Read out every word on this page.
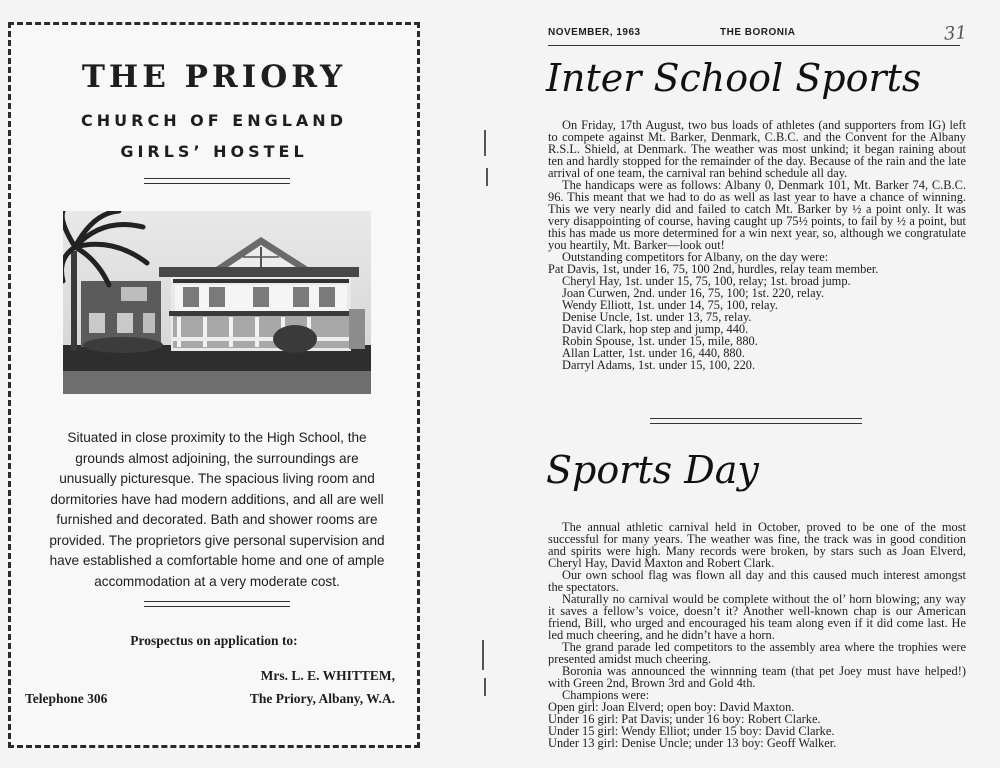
THE PRIORY
CHURCH OF ENGLAND
GIRLS’ HOSTEL

Situated in close proximity to the High School, the grounds almost adjoining, the surroundings are unusually picturesque. The spacious living room and dormitories have had modern additions, and all are well furnished and decorated. Bath and shower rooms are provided. The proprietors give personal supervision and have established a comfortable home and one of ample accommodation at a very moderate cost.

Prospectus on application to:
Mrs. L. E. WHITTEM,
Telephone 306	The Priory, Albany, W.A.
NOVEMBER, 1963	THE BORONIA	31
Inter School Sports

On Friday, 17th August, two bus loads of athletes (and supporters from IG) left to compete against Mt. Barker, Denmark, C.B.C. and the Convent for the Albany R.S.L. Shield, at Denmark. The weather was most unkind; it began raining about ten and hardly stopped for the remainder of the day. Because of the rain and the late arrival of one team, the carnival ran behind schedule all day.

The handicaps were as follows: Albany 0, Denmark 101, Mt. Barker 74, C.B.C. 96. This meant that we had to do as well as last year to have a chance of winning. This we very nearly did and failed to catch Mt. Barker by ½ a point only. It was very disappointing of course, having caught up 75½ points, to fail by ½ a point, but this has made us more determined for a win next year, so, although we congratulate you heartily, Mt. Barker—look out!

Outstanding competitors for Albany, on the day were:

Pat Davis, 1st, under 16, 75, 100 2nd, hurdles, relay team member.

Cheryl Hay, 1st. under 15, 75, 100, relay; 1st. broad jump.

Joan Curwen, 2nd. under 16, 75, 100; 1st. 220, relay.

Wendy Elliott, 1st. under 14, 75, 100, relay.

Denise Uncle, 1st. under 13, 75, relay.

David Clark, hop step and jump, 440.

Robin Spouse, 1st. under 15, mile, 880.

Allan Latter, 1st. under 16, 440, 880.

Darryl Adams, 1st. under 15, 100, 220.

Sports Day

The annual athletic carnival held in October, proved to be one of the most successful for many years. The weather was fine, the track was in good condition and spirits were high. Many records were broken, by stars such as Joan Elverd, Cheryl Hay, David Maxton and Robert Clark.

Our own school flag was flown all day and this caused much interest amongst the spectators.

Naturally no carnival would be complete without the ol’ horn blowing; any way it saves a fellow’s voice, doesn’t it? Another well-known chap is our American friend, Bill, who urged and encouraged his team along even if it did come last. He led much cheering, and he didn’t have a horn.

The grand parade led competitors to the assembly area where the trophies were presented amidst much cheering.

Boronia was announced the winnning team (that pet Joey must have helped!) with Green 2nd, Brown 3rd and Gold 4th.

Champions were:

Open girl: Joan Elverd; open boy: David Maxton.

Under 16 girl: Pat Davis; under 16 boy: Robert Clarke.

Under 15 girl: Wendy Elliot; under 15 boy: David Clarke.

Under 13 girl: Denise Uncle; under 13 boy: Geoff Walker.
